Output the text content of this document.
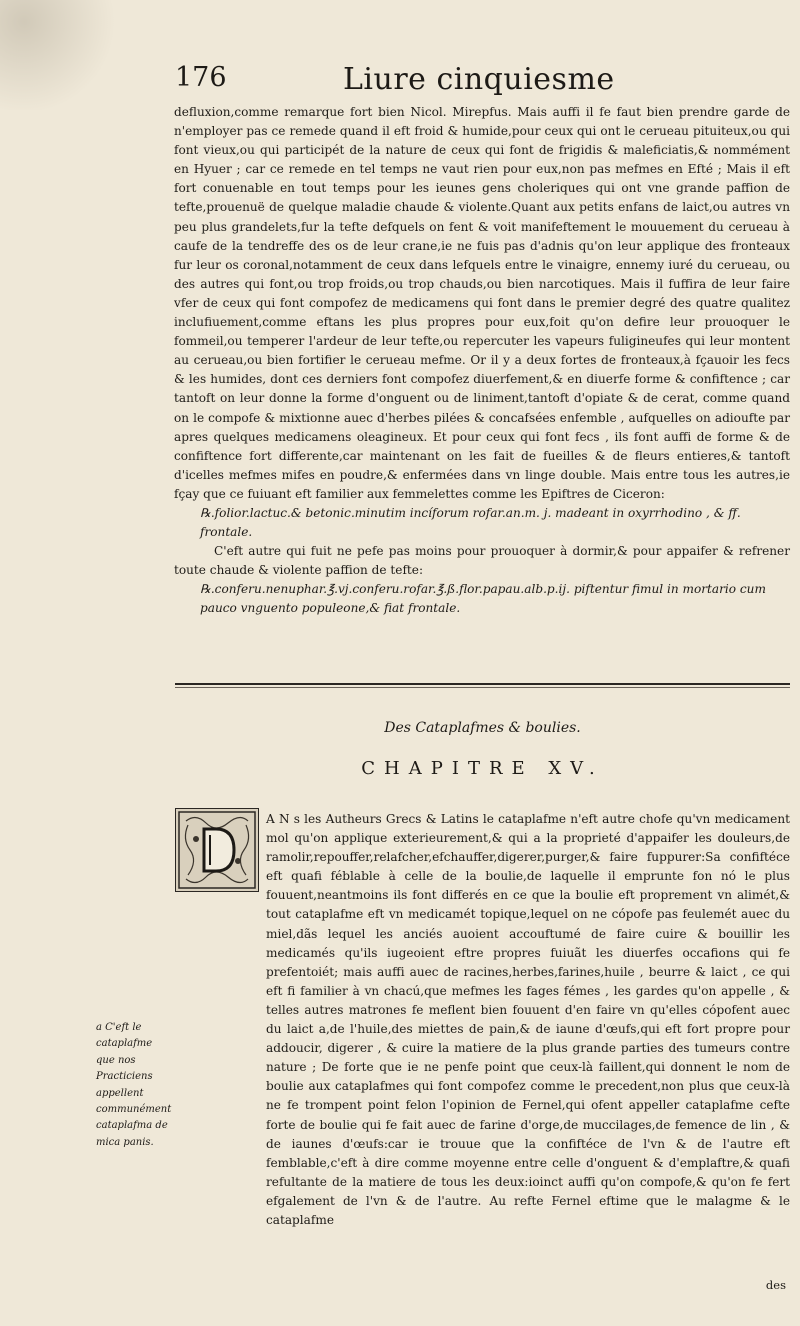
176	Liure cinquiesme

defluxion,comme remarque fort bien Nicol. Mirepfus. Mais auffi il fe faut bien prendre garde de n'employer pas ce remede quand il eft froid & humide,pour ceux qui ont le cerueau pituiteux,ou qui font vieux,ou qui participét de la nature de ceux qui font de frigidis & maleficiatis,& nommément en Hyuer ; car ce remede en tel temps ne vaut rien pour eux,non pas mefmes en Efté ; Mais il eft fort conuenable en tout temps pour les ieunes gens choleriques qui ont vne grande paffion de tefte,prouenuë de quelque maladie chaude & violente.Quant aux petits enfans de laict,ou autres vn peu plus grandelets,fur la tefte defquels on fent & voit manifeftement le mouuement du cerueau à caufe de la tendreffe des os de leur crane,ie ne fuis pas d'adnis qu'on leur applique des fronteaux fur leur os coronal,notamment de ceux dans lefquels entre le vinaigre, ennemy iuré du cerueau, ou des autres qui font,ou trop froids,ou trop chauds,ou bien narcotiques. Mais il fuffira de leur faire vfer de ceux qui font compofez de medicamens qui font dans le premier degré des quatre qualitez inclufiuement,comme eftans les plus propres pour eux,foit qu'on defire leur prouoquer le fommeil,ou temperer l'ardeur de leur tefte,ou repercuter les vapeurs fuligineufes qui leur montent au cerueau,ou bien fortifier le cerueau mefme. Or il y a deux fortes de fronteaux,à fçauoir les fecs & les humides, dont ces derniers font compofez diuerfement,& en diuerfe forme & confiftence ; car tantoft on leur donne la forme d'onguent ou de liniment,tantoft d'opiate & de cerat, comme quand on le compofe & mixtionne auec d'herbes pilées & concafsées enfemble , aufquelles on adioufte par apres quelques medicamens oleagineux. Et pour ceux qui font fecs , ils font auffi de forme & de confiftence fort differente,car maintenant on les fait de fueilles & de fleurs entieres,& tantoft d'icelles mefmes mifes en poudre,& enfermées dans vn linge double. Mais entre tous les autres,ie fçay que ce fuiuant eft familier aux femmelettes comme les Epiftres de Ciceron:

℞.folior.lactuc.& betonic.minutim incíforum rofar.an.m. j. madeant in oxyrrhodino , & ff. frontale.

C'eft autre qui fuit ne pefe pas moins pour prouoquer à dormir,& pour appaifer & refrener toute chaude & violente paffion de tefte:

℞.conferu.nenuphar.℥.vj.conferu.rofar.℥.ß.flor.papau.alb.p.ij. piftentur fimul in mortario cum pauco vnguento populeone,& fiat frontale.

Des Cataplafmes & boulies.
CHAPITRE XV.

A N s les Autheurs Grecs & Latins le cataplafme n'eft autre chofe qu'vn medicament mol qu'on applique exterieurement,& qui a la proprieté d'appaifer les douleurs,de ramolir,repouffer,relafcher,efchauffer,digerer,purger,& faire fuppurer:Sa confiftéce eft quafi féblable à celle de la boulie,de laquelle il emprunte fon nó le plus fouuent,neantmoins ils font differés en ce que la boulie eft proprement vn alimét,& tout cataplafme eft vn medicamét topique,lequel on ne cópofe pas feulemét auec du miel,dãs lequel les anciés auoient accouftumé de faire cuire & bouillir les medicamés qu'ils iugeoient eftre propres fuiuãt les diuerfes occafions qui fe prefentoiét; mais auffi auec de racines,herbes,farines,huile , beurre & laict , ce qui eft fi familier à vn chacú,que mefmes les fages fémes , les gardes qu'on appelle , & telles autres matrones fe meflent bien fouuent d'en faire vn qu'elles cópofent auec du laict a,de l'huile,des miettes de pain,& de iaune d'œufs,qui eft fort propre pour addoucir, digerer , & cuire la matiere de la plus grande parties des tumeurs contre nature ; De forte que ie ne penfe point que ceux-là faillent,qui donnent le nom de boulie aux cataplafmes qui font compofez comme le precedent,non plus que ceux-là ne fe trompent point felon l'opinion de Fernel,qui ofent appeller cataplafme cefte forte de boulie qui fe fait auec de farine d'orge,de muccilages,de femence de lin , & de iaunes d'œufs:car ie trouue que la confiftéce de l'vn & de l'autre eft femblable,c'eft à dire comme moyenne entre celle d'onguent & d'emplaftre,& quafi refultante de la matiere de tous les deux:ioinct auffi qu'on compofe,& qu'on fe fert efgalement de l'vn & de l'autre. Au refte Fernel eftime que le malagme & le cataplafme

a C'eft le cataplafme que nos Practiciens appellent communément cataplafma de mica panis.

des
